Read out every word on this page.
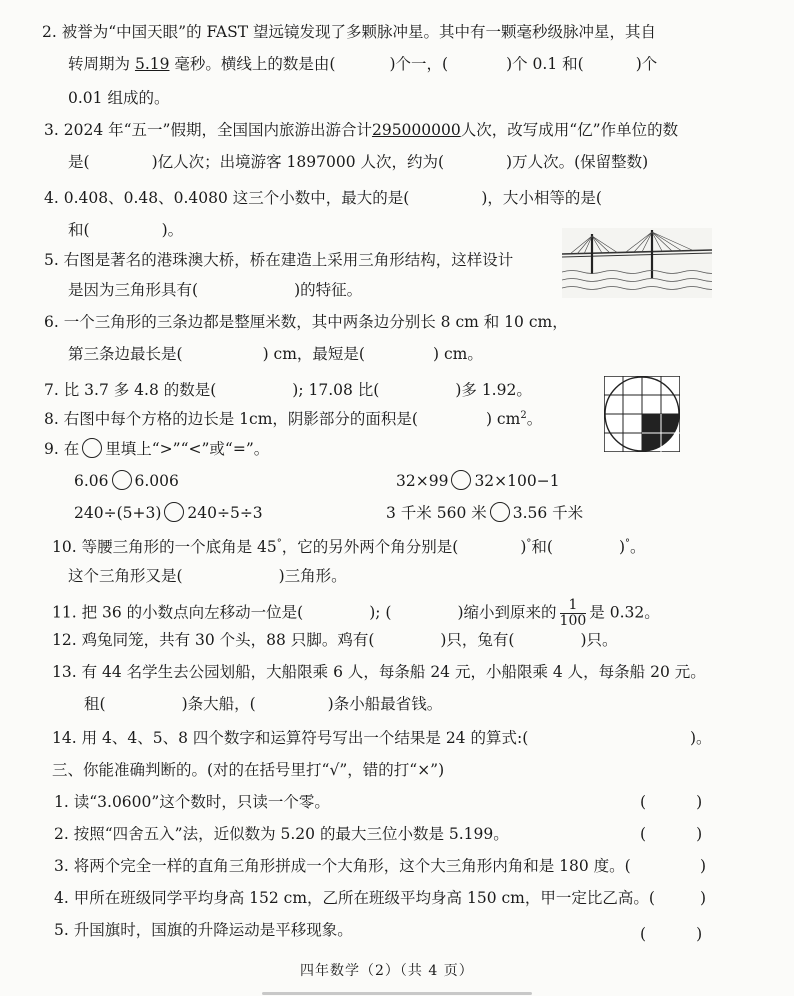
2. 被誉为“中国天眼”的 FAST 望远镜发现了多颗脉冲星。其中有一颗毫秒级脉冲星，其自
转周期为 5.19 毫秒。横线上的数是由(	)个一，(	)个 0.1 和(	)个
0.01 组成的。
3. 2024 年“五一”假期，全国国内旅游出游合计295000000人次，改写成用“亿”作单位的数
是(	)亿人次；出境游客 1897000 人次，约为(	)万人次。(保留整数)
4. 0.408、0.48、0.4080 这三个小数中，最大的是(	)，大小相等的是(
和(	)。
5. 右图是著名的港珠澳大桥，桥在建造上采用三角形结构，这样设计
是因为三角形具有(	)的特征。
6. 一个三角形的三条边都是整厘米数，其中两条边分别长 8 cm 和 10 cm，
第三条边最长是(	) cm，最短是(	) cm。
7. 比 3.7 多 4.8 的数是(	); 17.08 比(	)多 1.92。
8. 右图中每个方格的边长是 1cm，阴影部分的面积是(	) $cm^2$。
9. 在 里填上“>”“<”或“=”。
6.06 6.006	32×99 32×100−1
240÷(5+3) 240÷5÷3	3 千米 560 米 3.56 千米
10. 等腰三角形的一个底角是 45°，它的另外两个角分别是(	)°和(	)°。
这个三角形又是(	)三角形。
11. 把 36 的小数点向左移动一位是(	); (	)缩小到原来的 $\frac{1}{100}$ 是 0.32。
12. 鸡兔同笼，共有 30 个头，88 只脚。鸡有(	)只，兔有(	)只。
13. 有 44 名学生去公园划船，大船限乘 6 人，每条船 24 元，小船限乘 4 人，每条船 20 元。
租(	)条大船，(	)条小船最省钱。
14. 用 4、4、5、8 四个数字和运算符号写出一个结果是 24 的算式:(	)。
三、你能准确判断的。(对的在括号里打“√”，错的打“×”)
1. 读“3.0600”这个数时，只读一个零。	(	)
2. 按照“四舍五入”法，近似数为 5.20 的最大三位小数是 5.199。	(	)
3. 将两个完全一样的直角三角形拼成一个大角形，这个大三角形内角和是 180 度。(	)
4. 甲所在班级同学平均身高 152 cm，乙所在班级平均身高 150 cm，甲一定比乙高。(	)
5. 升国旗时，国旗的升降运动是平移现象。	(	)
四年数学（2）（共 4 页）
